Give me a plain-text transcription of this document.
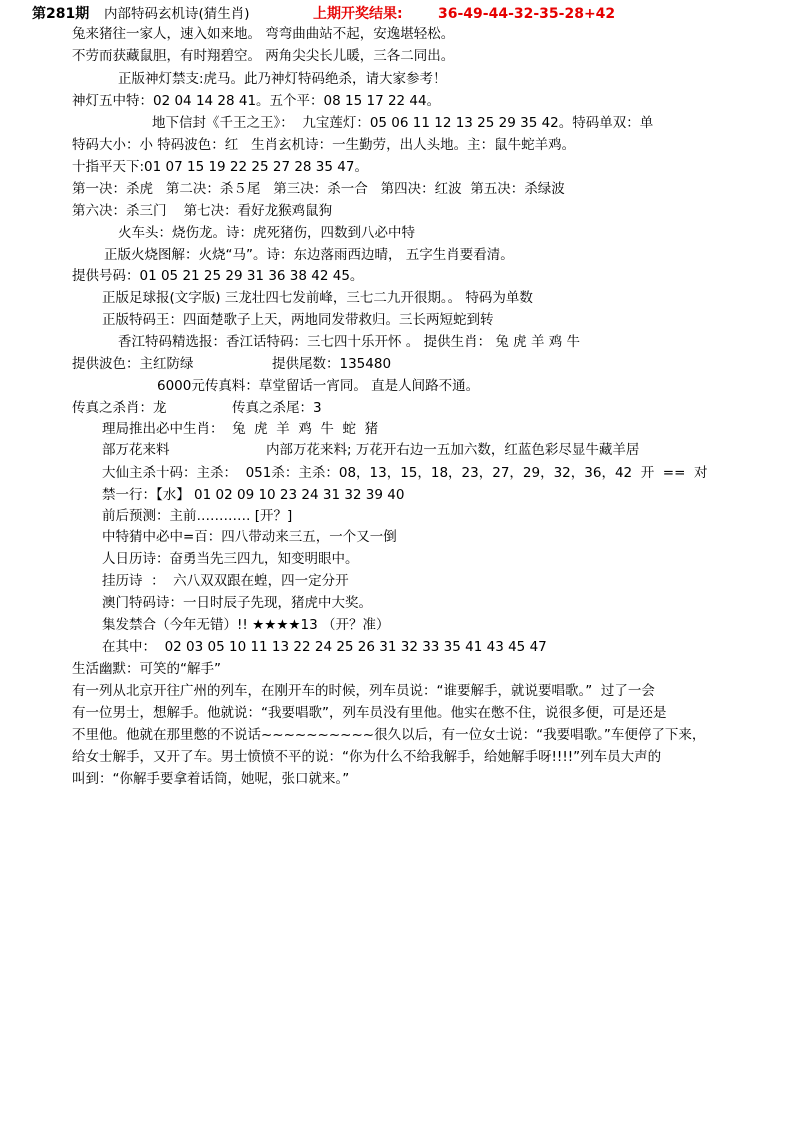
第281期 内部特码玄机诗(猜生肖)	上期开奖结果:	36-49-44-32-35-28+42
兔来猪往一家人，速入如来地。 弯弯曲曲站不起，安逸堪轻松。
不劳而获藏鼠胆，有时翔碧空。 两角尖尖长儿暖，三各二同出。
正版神灯禁支:虎马。此乃神灯特码绝杀，请大家参考！
神灯五中特：02 04 14 28 41。五个平：08 15 17 22 44。
地下信封《千王之王》：  九宝莲灯：05 06 11 12 13 25 29 35 42。特码单双：单
特码大小：小 特码波色：红   生肖玄机诗：一生勤劳，出人头地。主：鼠牛蛇羊鸡。
十指平天下:01 07 15 19 22 25 27 28 35 47。
第一决：杀虎   第二决：杀５尾   第三决：杀一合   第四决：红波  第五决：杀绿波
第六决：杀三门    第七决：看好龙猴鸡鼠狗
火车头：烧伤龙。诗：虎死猪伤，四数到八必中特
正版火烧图解：火烧“马”。诗：东边落雨西边晴， 五字生肖要看清。
提供号码：01 05 21 25 29 31 36 38 42 45。
正版足球报(文字版) 三龙壮四七发前峰，三七二九开很期。。 特码为单数
正版特码王：四面楚歌子上天，两地同发带救归。三长两短蛇到转
香江特码精选报：香江话特码：三七四十乐开怀 。 提供生肖： 兔 虎 羊 鸡 牛
提供波色：主红防绿	提供尾数：135480
6000元传真料：草堂留话一宵同。 直是人间路不通。
传真之杀肖：龙	传真之杀尾：3
理局推出必中生肖：  兔  虎  羊  鸡  牛  蛇  猪
部万花来料	内部万花来料; 万花开右边一五加六数，红蓝色彩尽显牛藏羊居
大仙主杀十码：主杀：  051杀：主杀：08，13，15，18，23，27，29，32，36，42  开  ==  对
禁一行：【水】 01 02 09 10 23 24 31 32 39 40
前后预测：主前………… [开？]
中特猜中必中=百：四八带动来三五，一个又一倒
人日历诗：奋勇当先三四九，知变明眼中。
挂历诗  ：  六八双双跟在蝗，四一定分开
澳门特码诗：一日时辰子先现，猪虎中大奖。
集发禁合（今年无错）!! ★★★★13 （开？准）
在其中：  02 03 05 10 11 13 22 24 25 26 31 32 33 35 41 43 45 47
生活幽默：可笑的“解手”
有一列从北京开往广州的列车，在刚开车的时候，列车员说：“谁要解手，就说要唱歌。”  过了一会
有一位男士，想解手。他就说：“我要唱歌”，列车员没有里他。他实在憋不住，说很多便，可是还是
不里他。他就在那里憋的不说话~~~~~~~~~~很久以后，有一位女士说：“我要唱歌。”车便停了下来，
给女士解手，又开了车。男士愤愤不平的说：“你为什么不给我解手，给她解手呀!!!!”列车员大声的
叫到：“你解手要拿着话筒，她呢，张口就来。”
